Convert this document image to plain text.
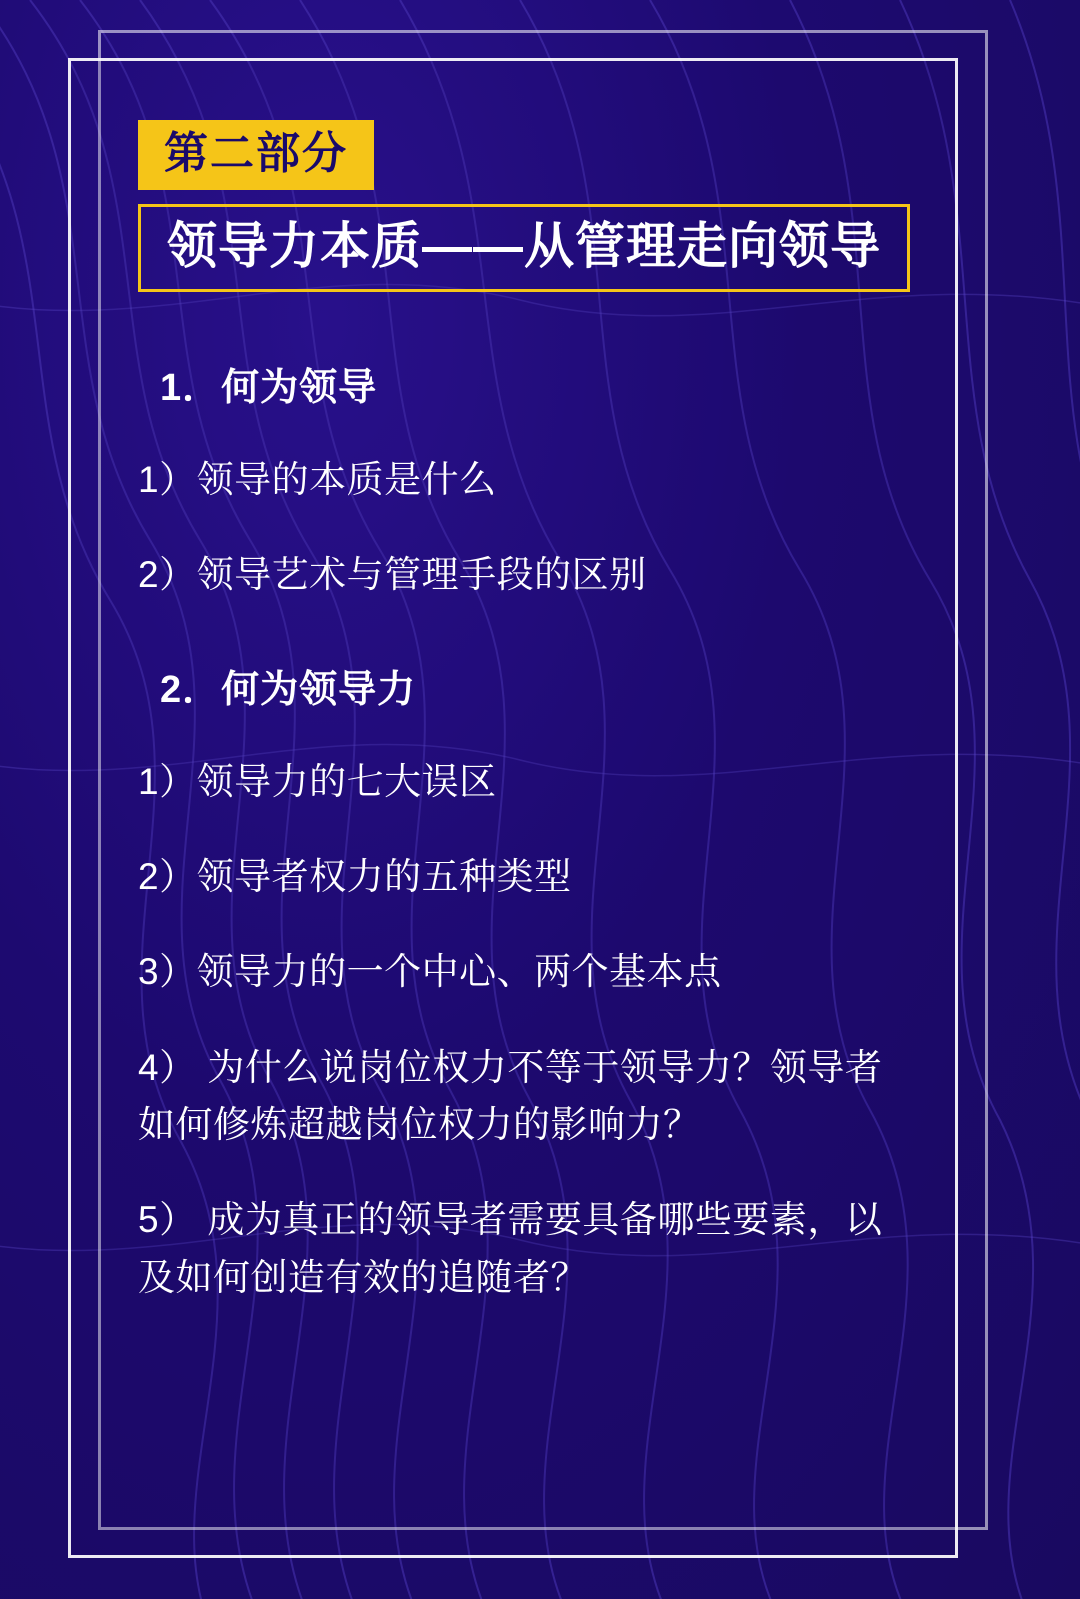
第二部分
领导力本质——从管理走向领导
1．何为领导
1）领导的本质是什么
2）领导艺术与管理手段的区别
2．何为领导力
1）领导力的七大误区
2）领导者权力的五种类型
3）领导力的一个中心、两个基本点
4） 为什么说岗位权力不等于领导力？领导者如何修炼超越岗位权力的影响力？
5） 成为真正的领导者需要具备哪些要素，以及如何创造有效的追随者？
